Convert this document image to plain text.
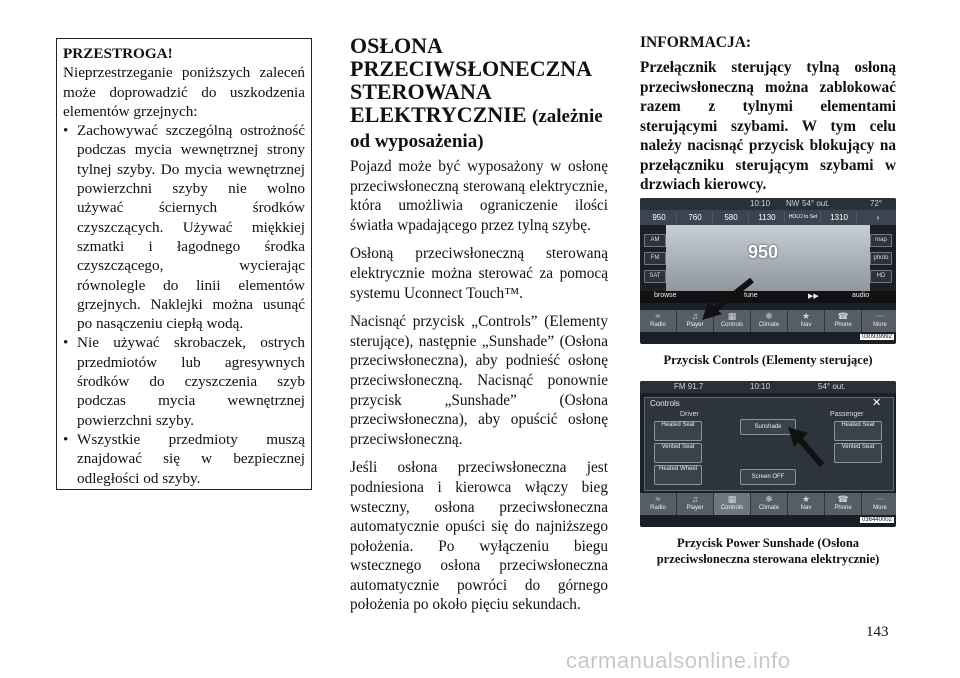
PRZESTROGA!

Nieprzestrzeganie poniższych zaleceń może doprowadzić do uszkodzenia elementów grzejnych:

• Zachowywać szczególną ostrożność podczas mycia wewnętrznej strony tylnej szyby. Do mycia wewnętrznej powierzchni szyby nie wolno używać ściernych środków czyszczących. Używać miękkiej szmatki i łagodnego środka czyszczącego, wycierając równolegle do linii elementów grzejnych. Naklejki można usunąć po nasączeniu ciepłą wodą.
• Nie używać skrobaczek, ostrych przedmiotów lub agresywnych środków do czyszczenia szyb podczas mycia wewnętrznej powierzchni szyby.
• Wszystkie przedmioty muszą znajdować się w bezpiecznej odległości od szyby.
OSŁONA PRZECIWSŁONECZNA STEROWANA ELEKTRYCZNIE (zależnie od wyposażenia)

Pojazd może być wyposażony w osłonę przeciwsłoneczną sterowaną elektrycznie, która umożliwia ograniczenie ilości światła wpadającego przez tylną szybę.

Osłoną przeciwsłoneczną sterowaną elektrycznie można sterować za pomocą systemu Uconnect Touch™.

Nacisnąć przycisk „Controls” (Elementy sterujące), następnie „Sunshade” (Osłona przeciwsłoneczna), aby podnieść osłonę przeciwsłoneczną. Nacisnąć ponownie przycisk „Sunshade” (Osłona przeciwsłoneczna), aby opuścić osłonę przeciwsłoneczną.

Jeśli osłona przeciwsłoneczna jest podniesiona i kierowca włączy bieg wsteczny, osłona przeciwsłoneczna automatycznie opuści się do najniższego położenia. Po wyłączeniu biegu wstecznego osłona przeciwsłoneczna automatycznie powróci do górnego położenia po około pięciu sekundach.

INFORMACJA:

Przełącznik sterujący tylną osłoną przeciwsłoneczną można zablokować razem z tylnymi elementami sterującymi szybami. W tym celu należy nacisnąć przycisk blokujący na przełączniku sterującym szybami w drzwiach kierowcy.

10:10 NW 54° out.	72°
950	760	580	1130	HOLD to Set	1310	›
AM
FM
SAT
map
photo
HD
950
browse	tune	▶▶	audio
≈
Radio
♫
Player
▦
Controls
❄
Climate
★
Nav
☎
Phone
⋯
More
030939992
Przycisk Controls (Elementy sterujące)
FM 91.7	10:10	54° out.
Controls	✕
Driver	Passenger
Heated Seat
Vented Seat
Heated Wheel
Sunshade
Screen OFF
Heated Seat
Vented Seat
≈
Radio
♫
Player
▦
Controls
❄
Climate
★
Nav
☎
Phone
⋯
More
036440002
Przycisk Power Sunshade (Osłona przeciwsłoneczna sterowana elektrycznie)
143
carmanualsonline.info
